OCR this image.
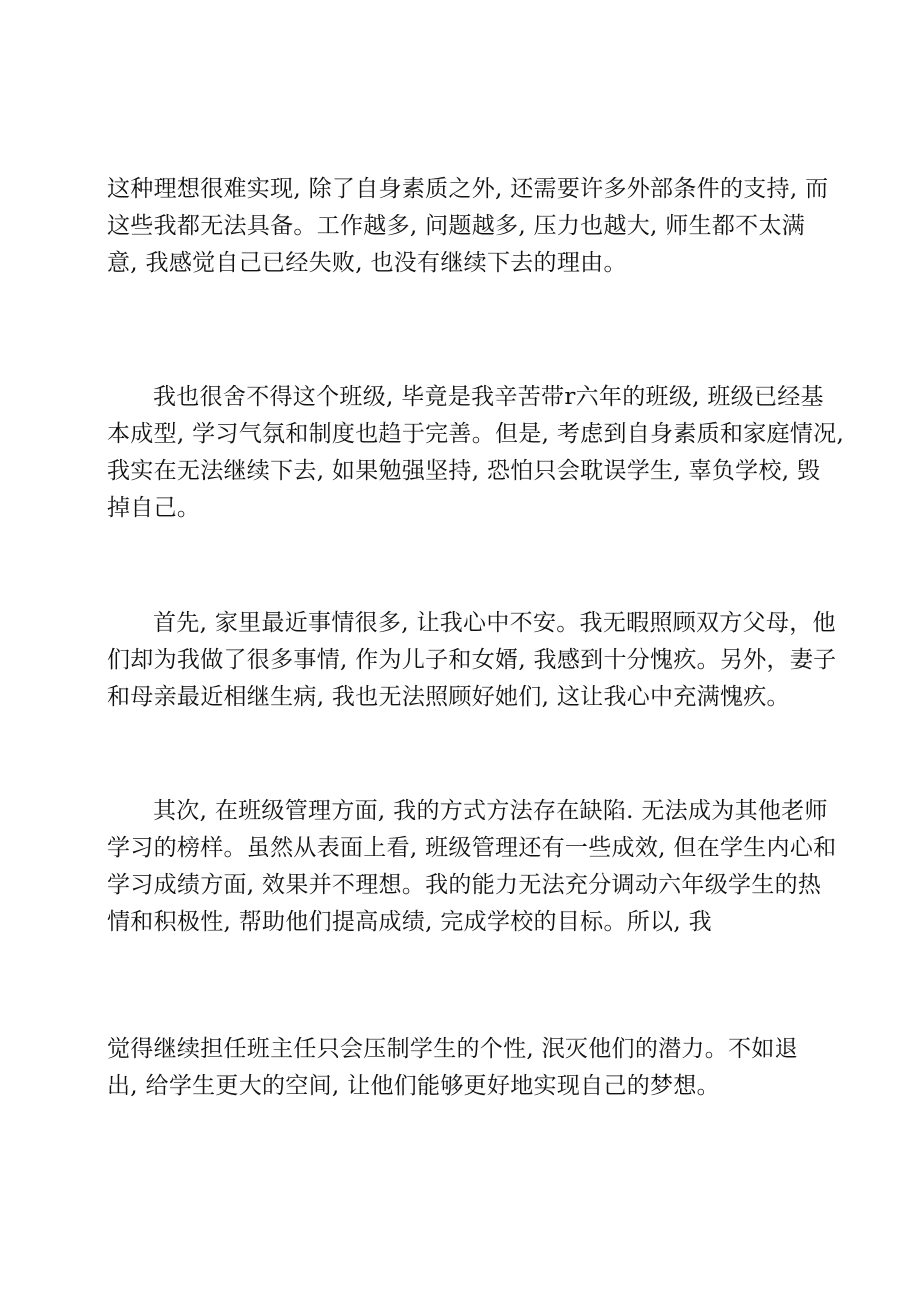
这种理想很难实现, 除了自身素质之外, 还需要许多外部条件的支持, 而
这些我都无法具备。工作越多, 问题越多, 压力也越大, 师生都不太满
意, 我感觉自己已经失败, 也没有继续下去的理由。

我也很舍不得这个班级, 毕竟是我辛苦带r六年的班级, 班级已经基
本成型, 学习气氛和制度也趋于完善。但是, 考虑到自身素质和家庭情况,
我实在无法继续下去, 如果勉强坚持, 恐怕只会耽误学生, 辜负学校, 毁
掉自己。

首先, 家里最近事情很多, 让我心中不安。我无暇照顾双方父母，他
们却为我做了很多事情, 作为儿子和女婿, 我感到十分愧疚。另外，妻子
和母亲最近相继生病, 我也无法照顾好她们, 这让我心中充满愧疚。

其次, 在班级管理方面, 我的方式方法存在缺陷. 无法成为其他老师
学习的榜样。虽然从表面上看, 班级管理还有一些成效, 但在学生内心和
学习成绩方面, 效果并不理想。我的能力无法充分调动六年级学生的热
情和积极性, 帮助他们提高成绩, 完成学校的目标。所以, 我

觉得继续担任班主任只会压制学生的个性, 泯灭他们的潜力。不如退
出, 给学生更大的空间, 让他们能够更好地实现自己的梦想。
